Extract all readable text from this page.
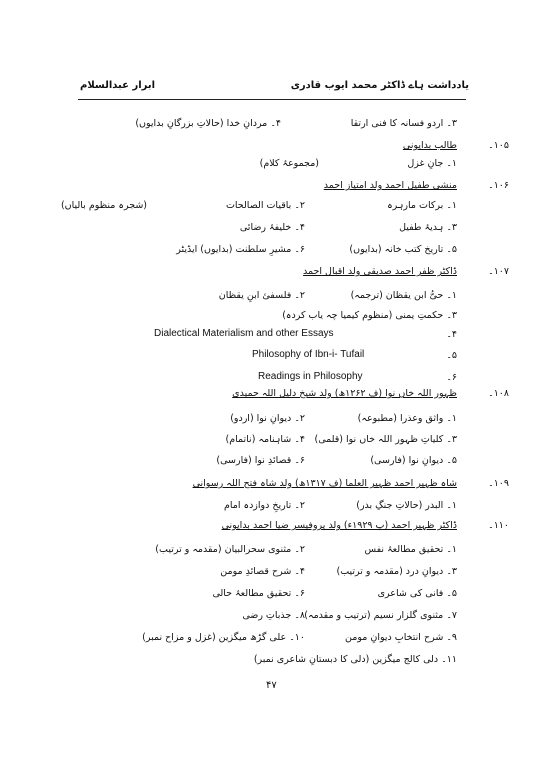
یادداشت ہاے ڈاکٹر محمد ایوب قادری
ابرار عبدالسلام
۳۔ اردو فسانہ کا فنی ارتقا
۴۔ مردانِ خدا (حالاتِ بزرگانِ بدایوں)
۱۰۵۔
طالب بدایونی
۱۔ جانِ غزل
(مجموعۂ کلام)
۱۰۶۔
منشی طفیل احمد ولد امتیاز احمد
۱۔ برکات مارہرہ
۲۔ باقیات الصالحات
(شجرہ منظوم بالیاں)
۳۔ ہدیۂ طفیل
۴۔ خلیفۂ رضائی
۵۔ تاریخ کتب خانہ (بدایوں)
۶۔ مشیرِ سلطنت (بدایوں) ایڈیٹر
۱۰۷۔
ڈاکٹر ظفر احمد صدیقی ولد اقبال احمد
۱۔ حیُّ ابن یقظان (ترجمہ)
۲۔ فلسفئ ابنِ یقظان
۳۔ حکمتِ یمنی (منظوم کیمیا چہ یاب کردہ)
۴۔
Dialectical Materialism and other Essays
۵۔
Philosophy of Ibn-i- Tufail
۶۔
Readings in Philosophy
۱۰۸۔
ظہور اللہ خاں نوا (ف ۱۲۶۲ھ) ولد شیخ دلیل اللہ حمیدی
۱۔ واثق وعذرا (مطبوعہ)
۲۔ دیوانِ نوا (اردو)
۳۔ کلیاتِ ظہور اللہ خاں نوا (قلمی)
۴۔ شاہنامہ (ناتمام)
۵۔ دیوانِ نوا (فارسی)
۶۔ قصائدِ نوا (فارسی)
۱۰۹۔
شاہ ظہیر احمد ظہیر العلما (ف ۱۳۱۷ھ) ولد شاہ فتح اللہ رسوانی
۱۔ البدر (حالاتِ جنگِ بدر)
۲۔ تاریخِ دوازدہ امام
۱۱۰۔
ڈاکٹر ظہیر احمد (پ ۱۹۲۹ء) ولد پروفیسر ضیا احمد بدایونی
۱۔ تحقیق مطالعۂ نفس
۲۔ مثنوی سحرالبیان (مقدمہ و ترتیب)
۳۔ دیوانِ درد (مقدمہ و ترتیب)
۴۔ شرح قصائدِ مومن
۵۔ فانی کی شاعری
۶۔ تحقیق مطالعۂ حالی
۷۔ مثنوی گلزار نسیم (ترتیب و مقدمہ)
۸۔ جذباتِ رضی
۹۔ شرح انتخابِ دیوانِ مومن
۱۰۔ علی گڑھ میگزین (غزل و مزاح نمبر)
۱۱۔ دلی کالج میگزین (دلی کا دبستانِ شاعری نمبر)
۴۷
